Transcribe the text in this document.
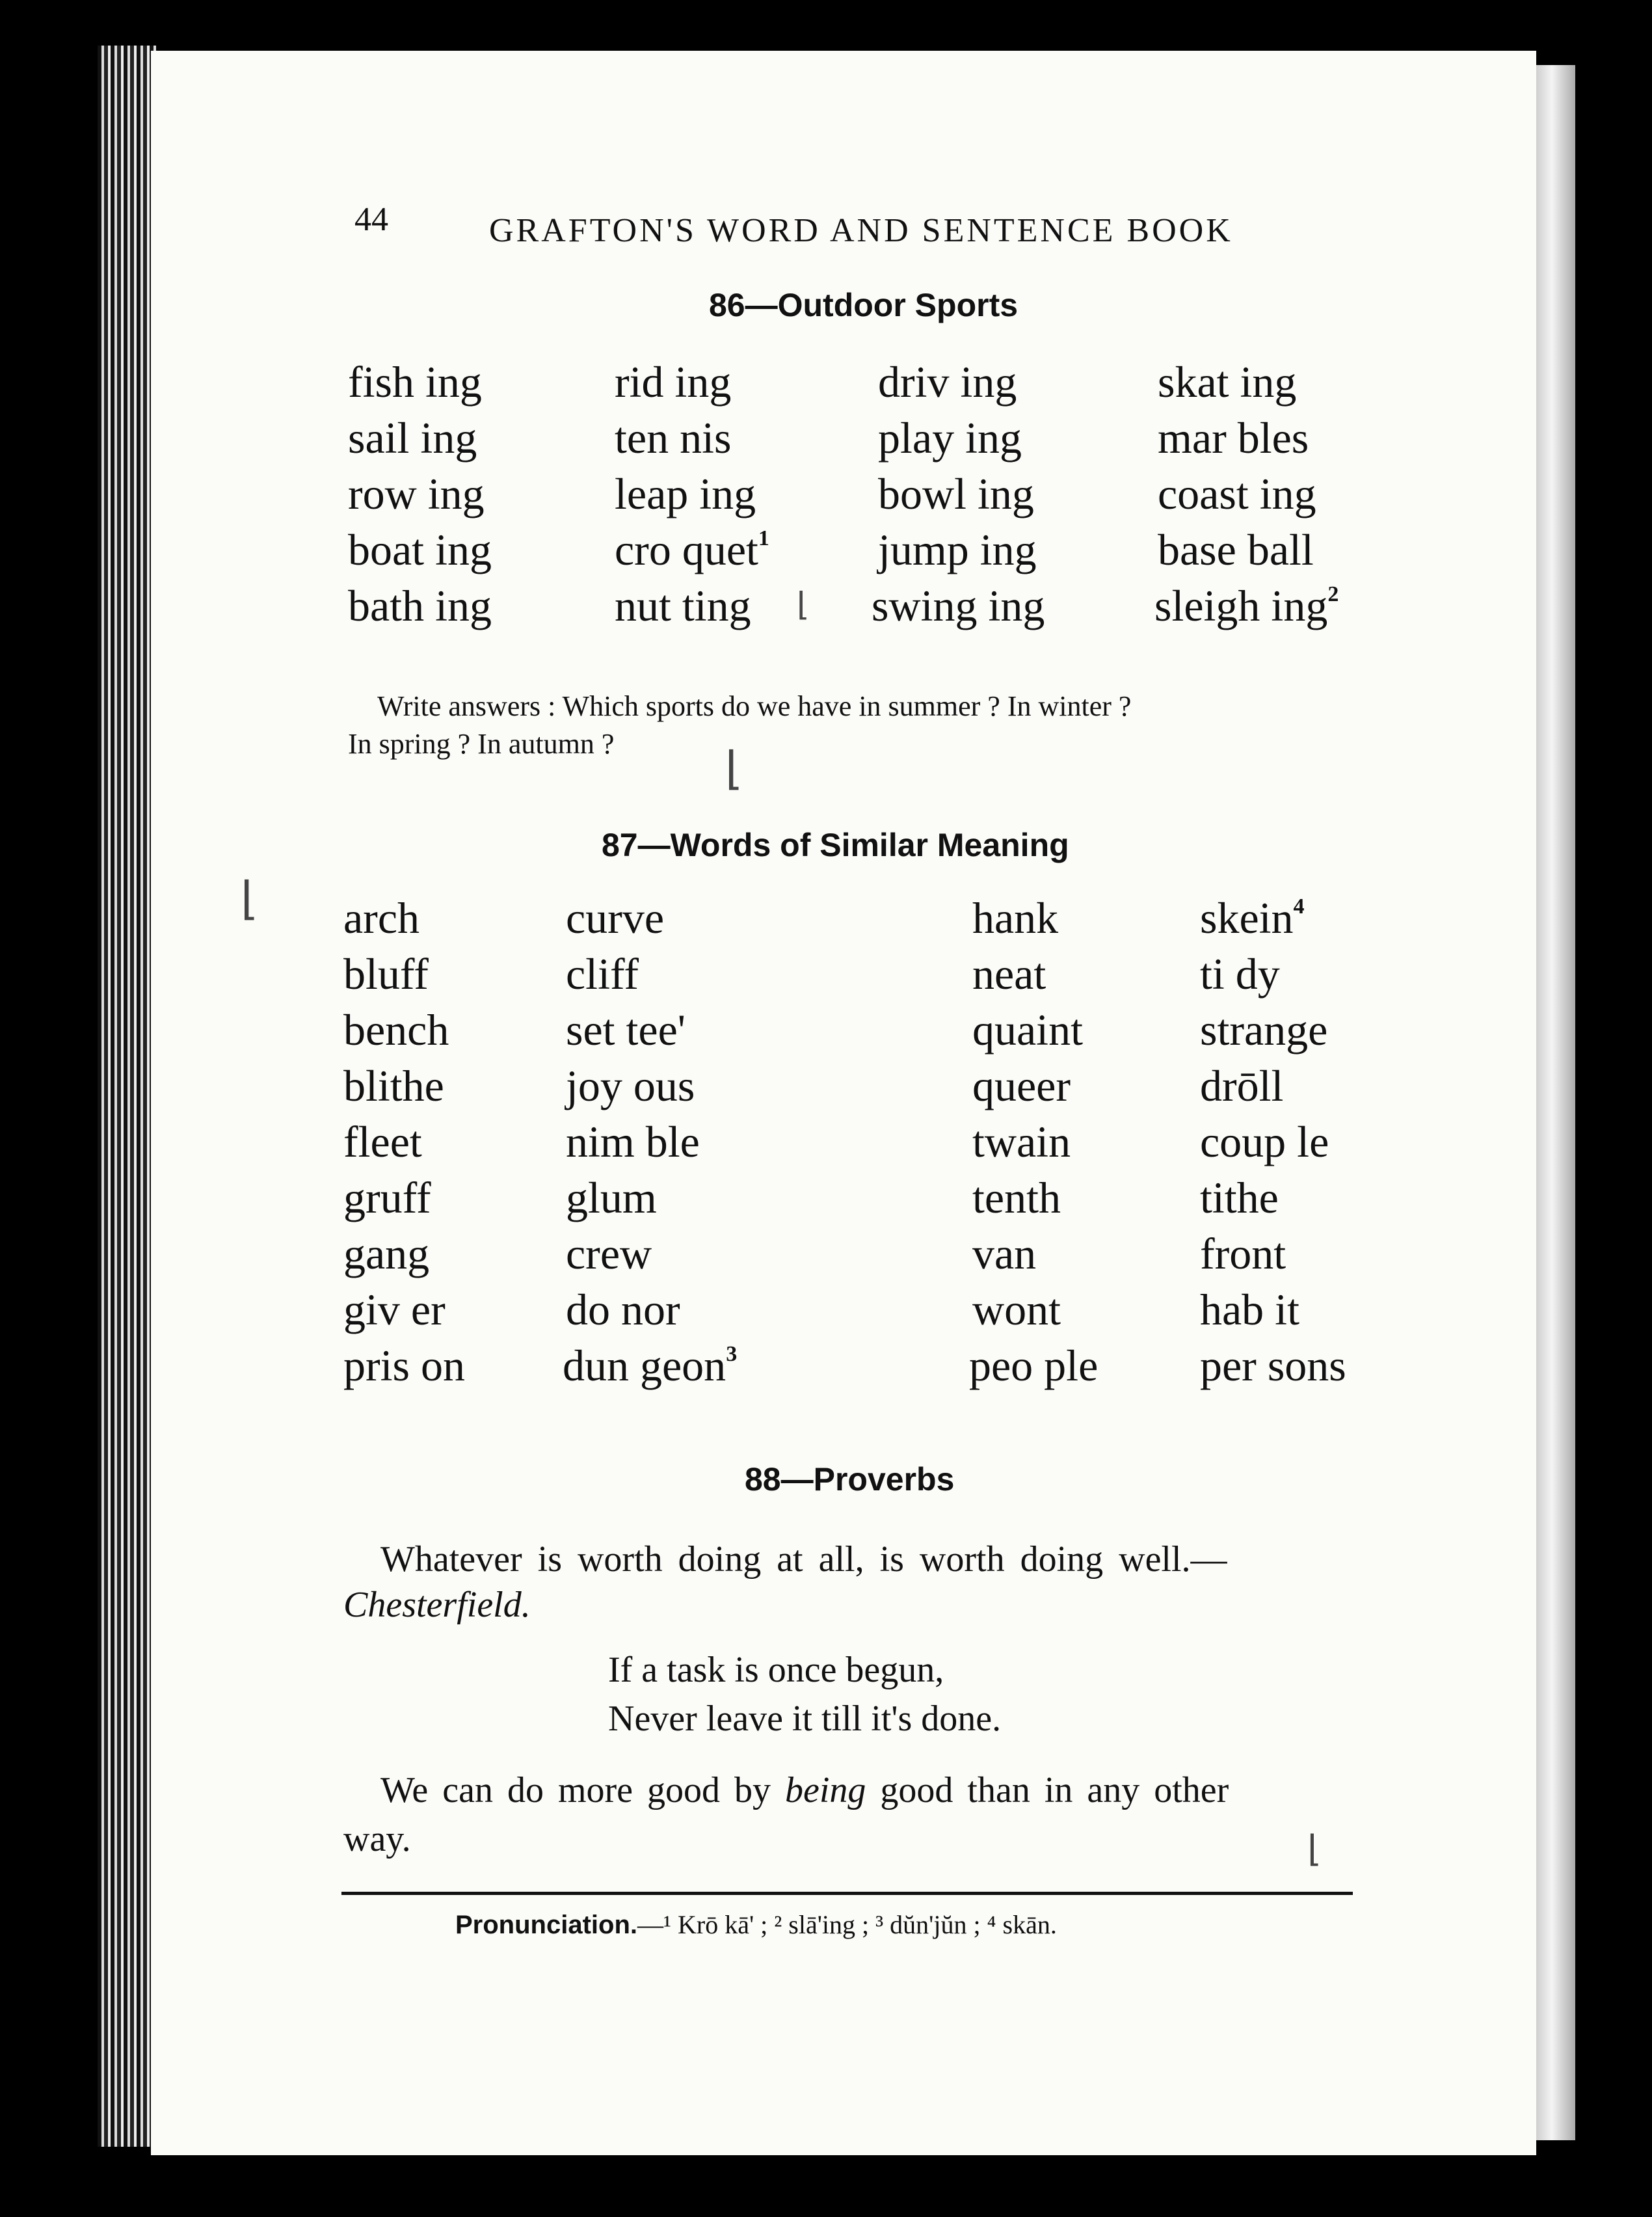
44	GRAFTON'S WORD AND SENTENCE BOOK
86—Outdoor Sports
fish ing
sail ing
row ing
boat ing
bath ing
rid ing
ten nis
leap ing
cro quet$^1$
nut ting
driv ing
play ing
bowl ing
jump ing
swing ing
skat ing
mar bles
coast ing
base ball
sleigh ing$^2$
Write answers : Which sports do we have in summer ? In winter ?
In spring ? In autumn ?
87—Words of Similar Meaning
arch
bluff
bench
blithe
fleet
gruff
gang
giv er
pris on
curve
cliff
set tee'
joy ous
nim ble
glum
crew
do nor
dun geon$^3$
hank
neat
quaint
queer
twain
tenth
van
wont
peo ple
skein$^4$
ti dy
strange
drōll
coup le
tithe
front
hab it
per sons
88—Proverbs
Whatever is worth doing at all, is worth doing well.—
Chesterfield.
If a task is once begun,
Never leave it till it's done.
We can do more good by being good than in any other
way.
Pronunciation.—¹ Krō kā' ; ² slā'ing ; ³ dŭn'jŭn ; ⁴ skān.
⌊
⌊
⌊
⌊
